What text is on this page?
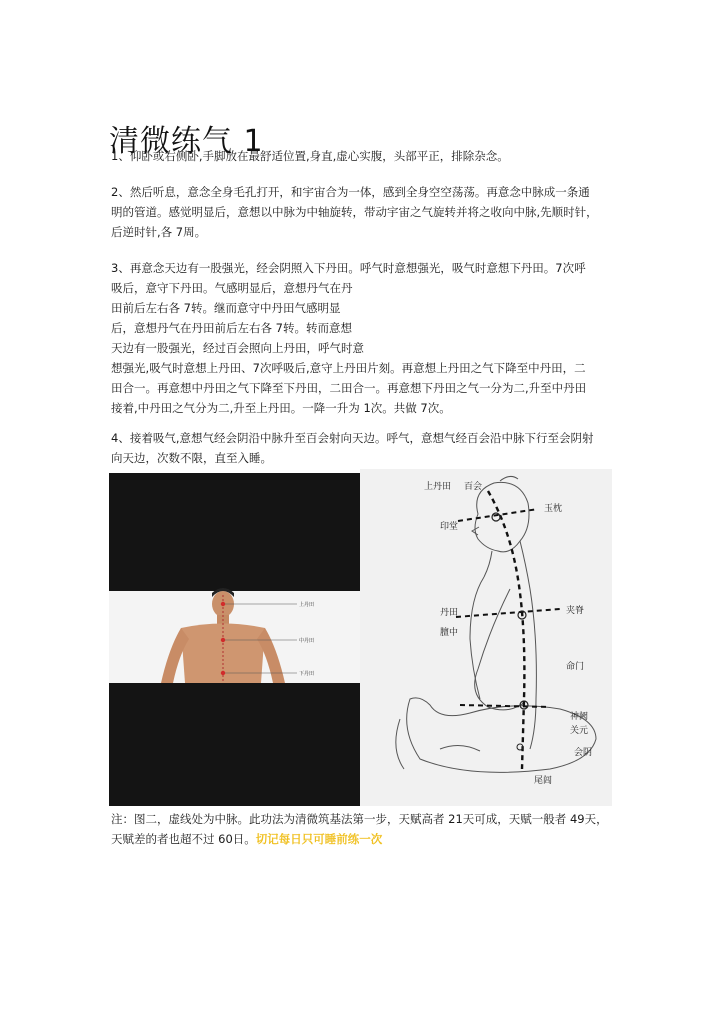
清微练气 1

1、仰卧或右侧卧,手脚放在最舒适位置,身直,虚心实腹，头部平正，排除杂念。

2、然后听息，意念全身毛孔打开，和宇宙合为一体，感到全身空空荡荡。再意念中脉成一条通

明的管道。感觉明显后，意想以中脉为中轴旋转，带动宇宙之气旋转并将之收向中脉,先顺时针，

后逆时针,各 7周。

3、再意念天边有一股强光，经会阴照入下丹田。呼气时意想强光，吸气时意想下丹田。7次呼

吸后，意守下丹田。气感明显后，意想丹气在丹

田前后左右各 7转。继而意守中丹田气感明显

后，意想丹气在丹田前后左右各 7转。转而意想

天边有一股强光，经过百会照向上丹田，呼气时意

想强光,吸气时意想上丹田、7次呼吸后,意守上丹田片刻。再意想上丹田之气下降至中丹田，二

田合一。再意想中丹田之气下降至下丹田，二田合一。再意想下丹田之气一分为二,升至中丹田

接着,中丹田之气分为二,升至上丹田。一降一升为 1次。共做 7次。

4、接着吸气,意想气经会阴沿中脉升至百会射向天边。呼气，意想气经百会沿中脉下行至会阴射

向天边，次数不限，直至入睡。

上丹田
中丹田
下丹田
上丹田 百会
玉枕
印堂
丹田
膻中
夹脊
命门
神阙
关元
会阴
尾闾

注：图二，虚线处为中脉。此功法为清微筑基法第一步，天赋高者 21天可成，天赋一般者 49天，

天赋差的者也超不过 60日。切记每日只可睡前练一次
